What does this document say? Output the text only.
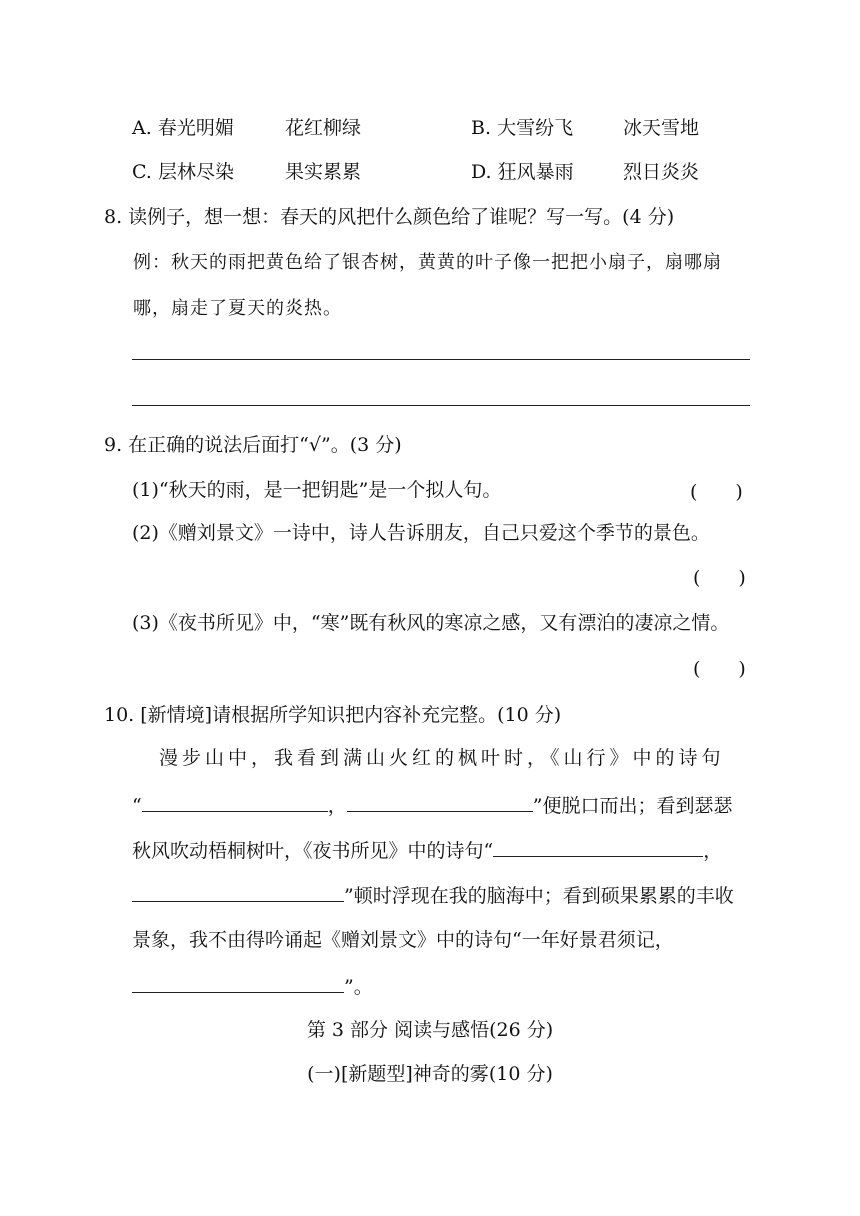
A. 春光明媚	花红柳绿	B. 大雪纷飞	冰天雪地
C. 层林尽染	果实累累	D. 狂风暴雨	烈日炎炎
8. 读例子，想一想：春天的风把什么颜色给了谁呢？写一写。(4 分)
例：秋天的雨把黄色给了银杏树，黄黄的叶子像一把把小扇子，扇哪扇
哪，扇走了夏天的炎热。
9. 在正确的说法后面打“√”。(3 分)
(1)“秋天的雨，是一把钥匙”是一个拟人句。	(　　)
(2)《赠刘景文》一诗中，诗人告诉朋友，自己只爱这个季节的景色。
(　　)
(3)《夜书所见》中，“寒”既有秋风的寒凉之感，又有漂泊的凄凉之情。
(　　)
10. [新情境]请根据所学知识把内容补充完整。(10 分)
漫步山中，我看到满山火红的枫叶时，《山行》中的诗句
“	，	”便脱口而出；看到瑟瑟
秋风吹动梧桐树叶，《夜书所见》中的诗句“	，
”顿时浮现在我的脑海中；看到硕果累累的丰收
景象，我不由得吟诵起《赠刘景文》中的诗句“一年好景君须记，
”。
第 3 部分 阅读与感悟(26 分)
(一)[新题型]神奇的雾(10 分)
